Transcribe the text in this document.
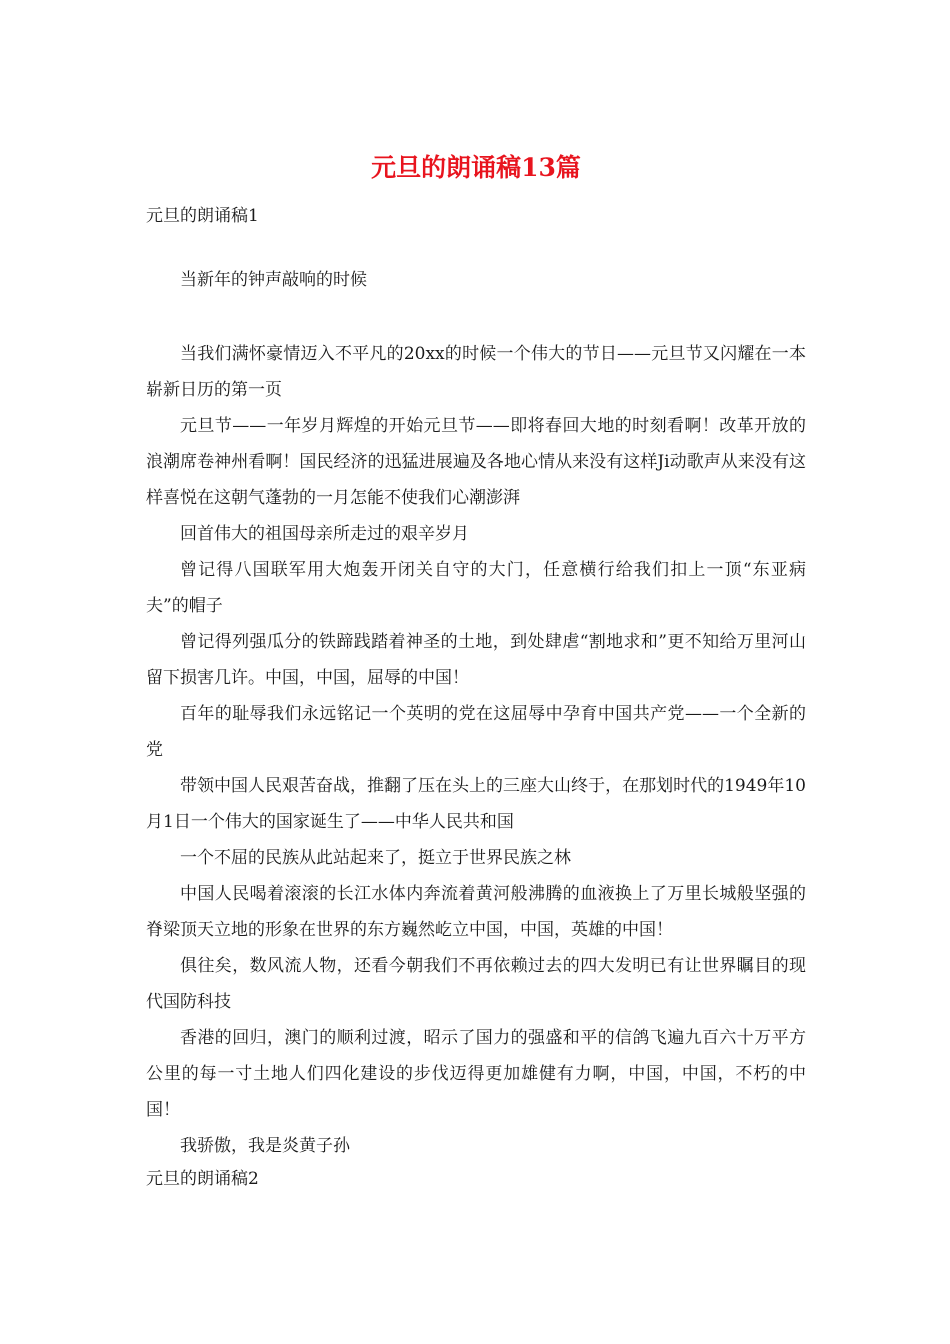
元旦的朗诵稿13篇

元旦的朗诵稿1

当新年的钟声敲响的时候

当我们满怀豪情迈入不平凡的20xx的时候一个伟大的节日——元旦节又闪耀在一本崭新日历的第一页

元旦节——一年岁月辉煌的开始元旦节——即将春回大地的时刻看啊！改革开放的浪潮席卷神州看啊！国民经济的迅猛进展遍及各地心情从来没有这样Ji动歌声从来没有这样喜悦在这朝气蓬勃的一月怎能不使我们心潮澎湃

回首伟大的祖国母亲所走过的艰辛岁月

曾记得八国联军用大炮轰开闭关自守的大门，任意横行给我们扣上一顶“东亚病夫”的帽子

曾记得列强瓜分的铁蹄践踏着神圣的土地，到处肆虐“割地求和”更不知给万里河山留下损害几许。中国，中国，屈辱的中国！

百年的耻辱我们永远铭记一个英明的党在这屈辱中孕育中国共产党——一个全新的党

带领中国人民艰苦奋战，推翻了压在头上的三座大山终于，在那划时代的1949年10月1日一个伟大的国家诞生了——中华人民共和国

一个不屈的民族从此站起来了，挺立于世界民族之林

中国人民喝着滚滚的长江水体内奔流着黄河般沸腾的血液换上了万里长城般坚强的脊梁顶天立地的形象在世界的东方巍然屹立中国，中国，英雄的中国！

俱往矣，数风流人物，还看今朝我们不再依赖过去的四大发明已有让世界瞩目的现代国防科技

香港的回归，澳门的顺利过渡，昭示了国力的强盛和平的信鸽飞遍九百六十万平方公里的每一寸土地人们四化建设的步伐迈得更加雄健有力啊，中国，中国，不朽的中国！

我骄傲，我是炎黄子孙

元旦的朗诵稿2
